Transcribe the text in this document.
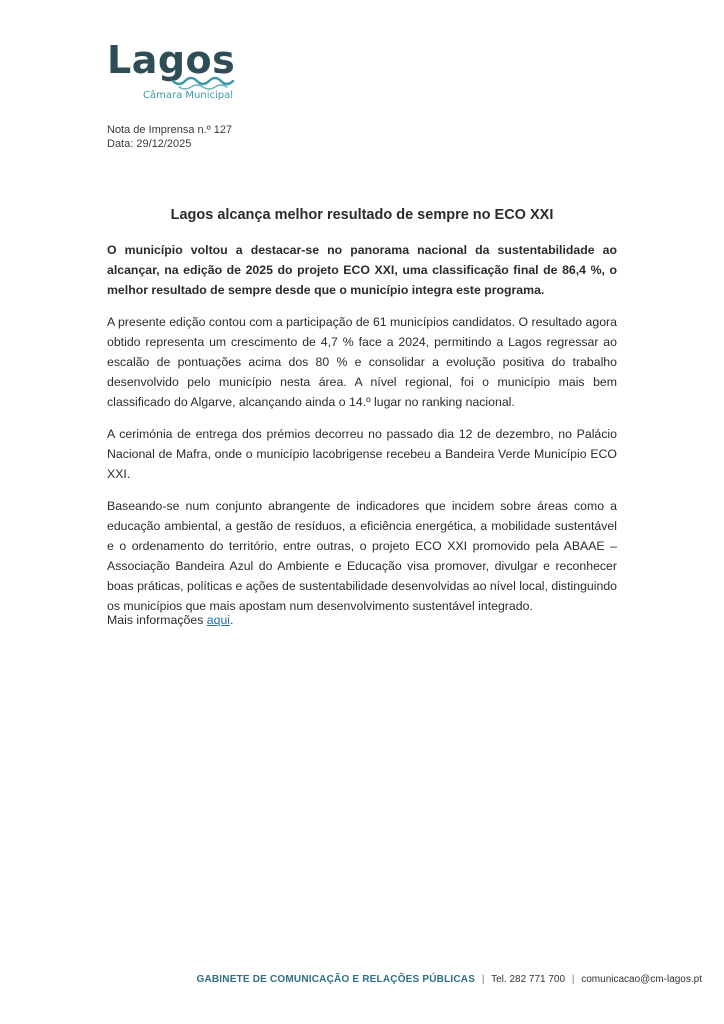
Lagos
Câmara Municipal
Nota de Imprensa n.º 127
Data: 29/12/2025
Lagos alcança melhor resultado de sempre no ECO XXI

O município voltou a destacar-se no panorama nacional da sustentabilidade ao alcançar, na edição de 2025 do projeto ECO XXI, uma classificação final de 86,4 %, o melhor resultado de sempre desde que o município integra este programa.

A presente edição contou com a participação de 61 municípios candidatos. O resultado agora obtido representa um crescimento de 4,7 % face a 2024, permitindo a Lagos regressar ao escalão de pontuações acima dos 80 % e consolidar a evolução positiva do trabalho desenvolvido pelo município nesta área. A nível regional, foi o município mais bem classificado do Algarve, alcançando ainda o 14.º lugar no ranking nacional.

A cerimónia de entrega dos prémios decorreu no passado dia 12 de dezembro, no Palácio Nacional de Mafra, onde o município lacobrigense recebeu a Bandeira Verde Município ECO XXI.

Baseando-se num conjunto abrangente de indicadores que incidem sobre áreas como a educação ambiental, a gestão de resíduos, a eficiência energética, a mobilidade sustentável e o ordenamento do território, entre outras, o projeto ECO XXI promovido pela ABAAE – Associação Bandeira Azul do Ambiente e Educação visa promover, divulgar e reconhecer boas práticas, políticas e ações de sustentabilidade desenvolvidas ao nível local, distinguindo os municípios que mais apostam num desenvolvimento sustentável integrado.

Mais informações aqui.
GABINETE DE COMUNICAÇÃO E RELAÇÕES PÚBLICAS | Tel. 282 771 700 | comunicacao@cm-lagos.pt
